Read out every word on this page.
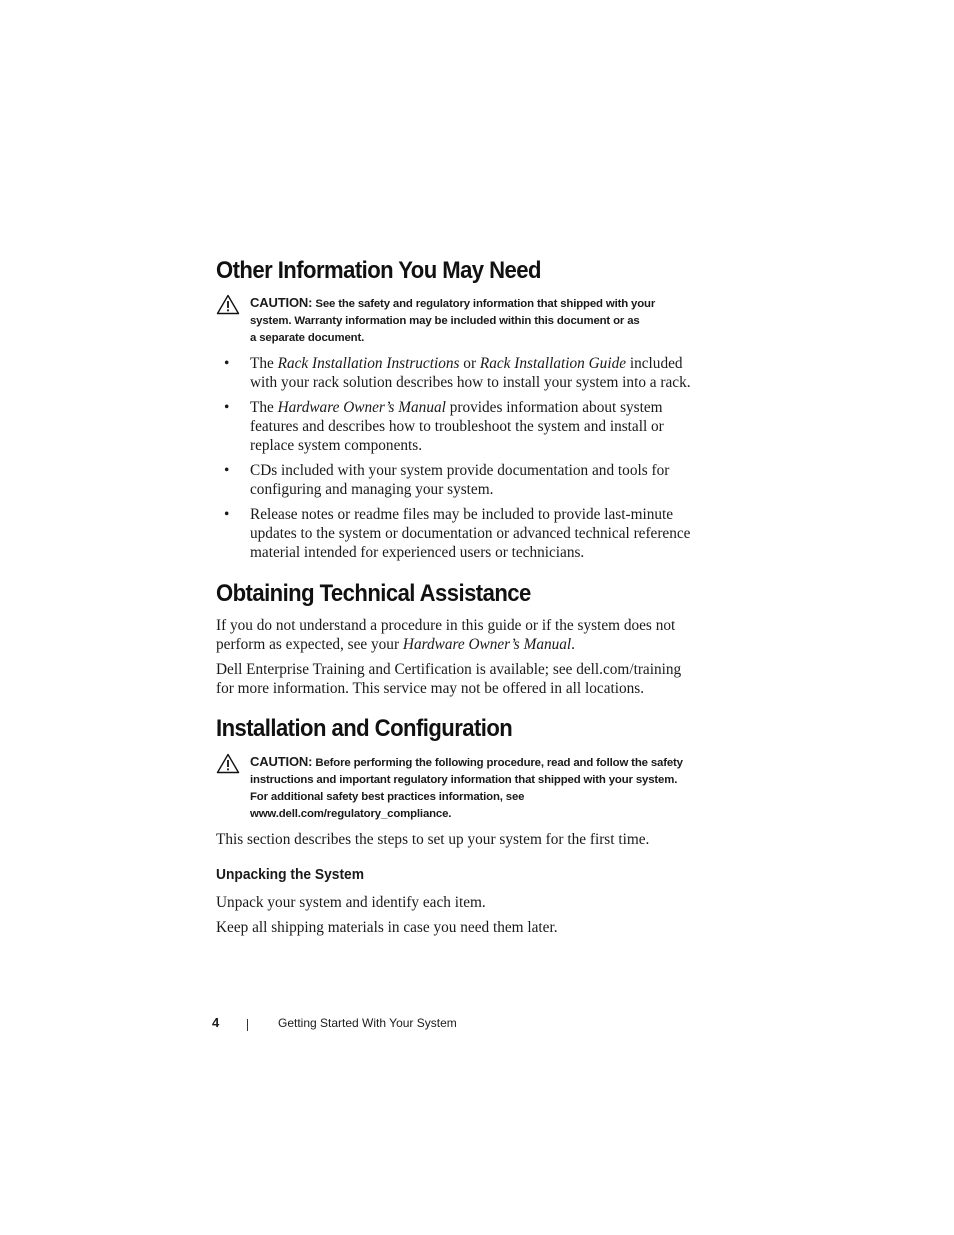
Other Information You May Need
CAUTION: See the safety and regulatory information that shipped with your
system. Warranty information may be included within this document or as
a separate document.
• The Rack Installation Instructions or Rack Installation Guide included
with your rack solution describes how to install your system into a rack.
• The Hardware Owner’s Manual provides information about system
features and describes how to troubleshoot the system and install or
replace system components.
• CDs included with your system provide documentation and tools for
configuring and managing your system.
• Release notes or readme files may be included to provide last-minute
updates to the system or documentation or advanced technical reference
material intended for experienced users or technicians.
Obtaining Technical Assistance

If you do not understand a procedure in this guide or if the system does not
perform as expected, see your Hardware Owner’s Manual.

Dell Enterprise Training and Certification is available; see dell.com/training
for more information. This service may not be offered in all locations.

Installation and Configuration
CAUTION: Before performing the following procedure, read and follow the safety
instructions and important regulatory information that shipped with your system.
For additional safety best practices information, see
www.dell.com/regulatory_compliance.

This section describes the steps to set up your system for the first time.

Unpacking the System

Unpack your system and identify each item.

Keep all shipping materials in case you need them later.

4	Getting Started With Your System
